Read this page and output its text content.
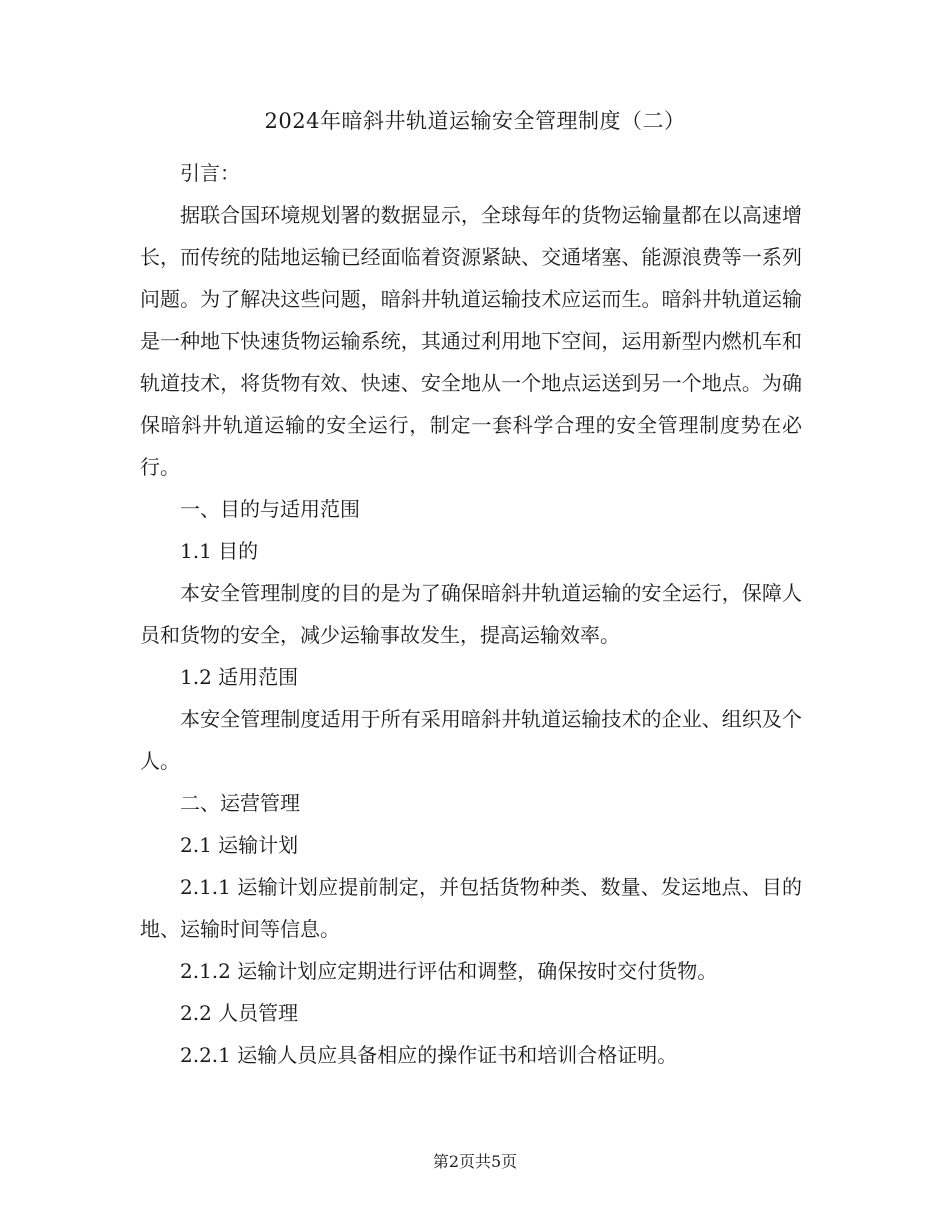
2024年暗斜井轨道运输安全管理制度（二）

引言：

据联合国环境规划署的数据显示，全球每年的货物运输量都在以高速增长，而传统的陆地运输已经面临着资源紧缺、交通堵塞、能源浪费等一系列问题。为了解决这些问题，暗斜井轨道运输技术应运而生。暗斜井轨道运输是一种地下快速货物运输系统，其通过利用地下空间，运用新型内燃机车和轨道技术，将货物有效、快速、安全地从一个地点运送到另一个地点。为确保暗斜井轨道运输的安全运行，制定一套科学合理的安全管理制度势在必行。

一、目的与适用范围

1.1 目的

本安全管理制度的目的是为了确保暗斜井轨道运输的安全运行，保障人员和货物的安全，减少运输事故发生，提高运输效率。

1.2 适用范围

本安全管理制度适用于所有采用暗斜井轨道运输技术的企业、组织及个人。

二、运营管理

2.1 运输计划

2.1.1 运输计划应提前制定，并包括货物种类、数量、发运地点、目的地、运输时间等信息。

2.1.2 运输计划应定期进行评估和调整，确保按时交付货物。

2.2 人员管理

2.2.1 运输人员应具备相应的操作证书和培训合格证明。

第2页共5页
